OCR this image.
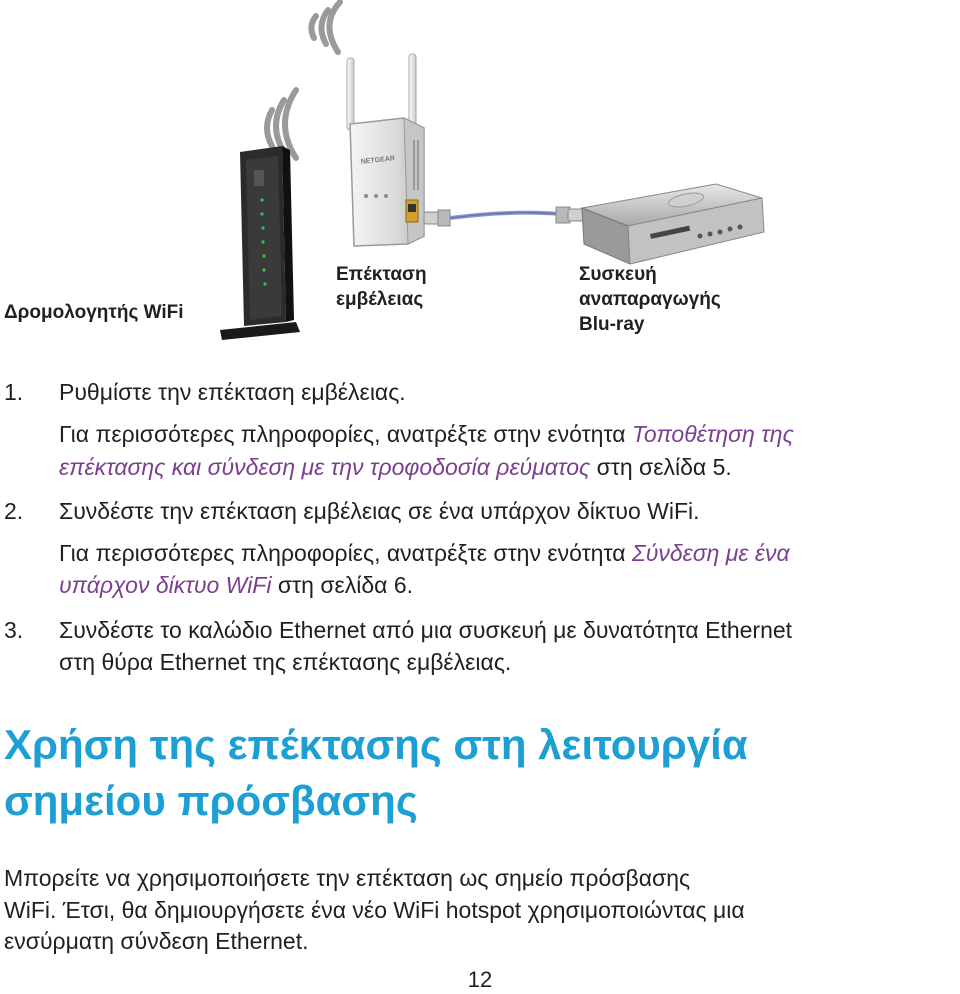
NETGEAR
Δρομολογητής WiFi
Επέκταση
εμβέλειας
Συσκευή
αναπαραγωγής
Blu-ray
1. Ρυθμίστε την επέκταση εμβέλειας.
Για περισσότερες πληροφορίες, ανατρέξτε στην ενότητα Τοποθέτηση της
επέκτασης και σύνδεση με την τροφοδοσία ρεύματος στη σελίδα 5.
2. Συνδέστε την επέκταση εμβέλειας σε ένα υπάρχον δίκτυο WiFi.
Για περισσότερες πληροφορίες, ανατρέξτε στην ενότητα Σύνδεση με ένα
υπάρχον δίκτυο WiFi στη σελίδα 6.
3. Συνδέστε το καλώδιο Ethernet από μια συσκευή με δυνατότητα Ethernet
στη θύρα Ethernet της επέκτασης εμβέλειας.
Χρήση της επέκτασης στη λειτουργία
σημείου πρόσβασης
Μπορείτε να χρησιμοποιήσετε την επέκταση ως σημείο πρόσβασης
WiFi. Έτσι, θα δημιουργήσετε ένα νέο WiFi hotspot χρησιμοποιώντας μια
ενσύρματη σύνδεση Ethernet.
12
